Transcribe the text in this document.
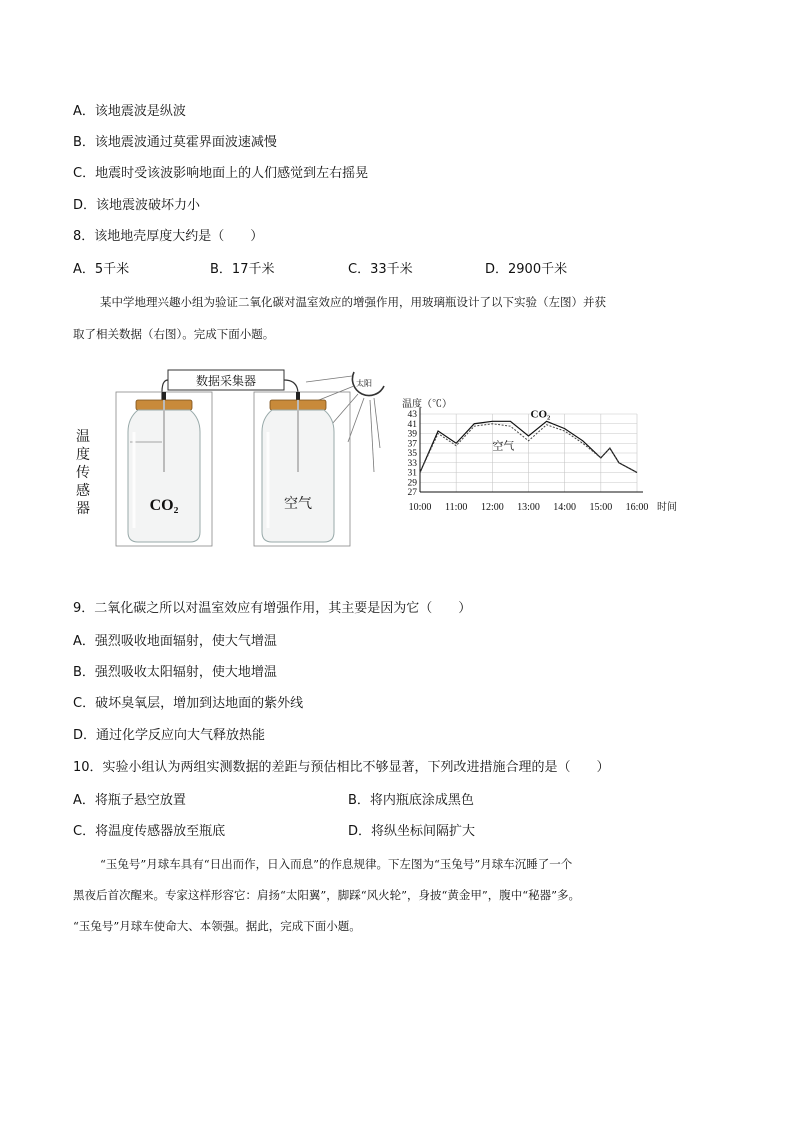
A．该地震波是纵波
B．该地震波通过莫霍界面波速减慢
C．地震时受该波影响地面上的人们感觉到左右摇晃
D．该地震波破坏力小
8．该地地壳厚度大约是（　　）
A．5千米	B．17千米	C．33千米	D．2900千米
某中学地理兴趣小组为验证二氧化碳对温室效应的增强作用，用玻璃瓶设计了以下实验（左图）并获
取了相关数据（右图）。完成下面小题。
数据采集器	太阳
CO₂	空气
温度传感器
温度（℃）
时间
27
29
31
33
35
37
39
41
43
10:00 11:00 12:00 13:00 14:00 15:00 16:00
CO₂
空气
9．二氧化碳之所以对温室效应有增强作用，其主要是因为它（　　）
A．强烈吸收地面辐射，使大气增温
B．强烈吸收太阳辐射，使大地增温
C．破坏臭氧层，增加到达地面的紫外线
D．通过化学反应向大气释放热能
10．实验小组认为两组实测数据的差距与预估相比不够显著，下列改进措施合理的是（　　）
A．将瓶子悬空放置	B．将内瓶底涂成黑色
C．将温度传感器放至瓶底	D．将纵坐标间隔扩大
“玉兔号”月球车具有“日出而作，日入而息”的作息规律。下左图为“玉兔号”月球车沉睡了一个
黑夜后首次醒来。专家这样形容它：肩扬“太阳翼”，脚踩“风火轮”，身披“黄金甲”，腹中“秘器”多。
“玉兔号”月球车使命大、本领强。据此，完成下面小题。
